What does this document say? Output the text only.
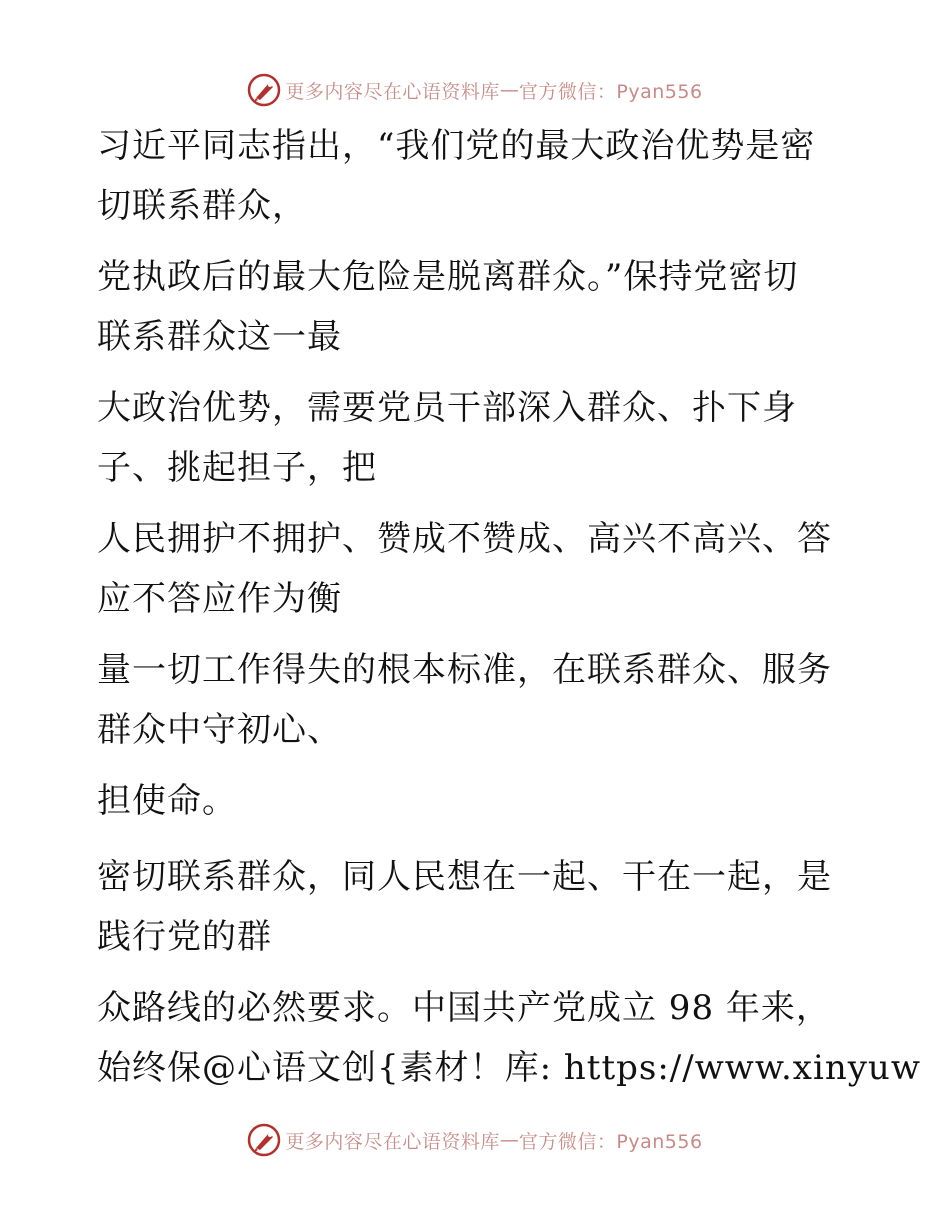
更多内容尽在心语资料库 — 官方微信：Pyan556
习近平同志指出，“我们党的最大政治优势是密
切联系群众，
党执政后的最大危险是脱离群众。”保持党密切
联系群众这一最
大政治优势，需要党员干部深入群众、扑下身
子、挑起担子，把
人民拥护不拥护、赞成不赞成、高兴不高兴、答
应不答应作为衡
量一切工作得失的根本标准，在联系群众、服务
群众中守初心、
担使命。
密切联系群众，同人民想在一起、干在一起，是
践行党的群
众路线的必然要求。中国共产党成立 98 年来，
始终保@心语文创{素材！库: https://www.xinyuw
更多内容尽在心语资料库 — 官方微信：Pyan556
